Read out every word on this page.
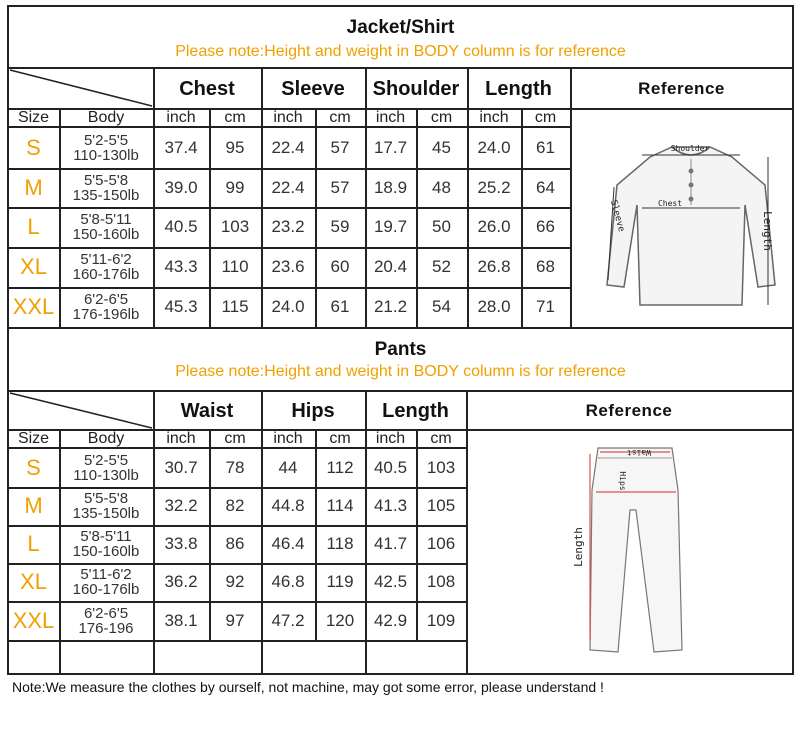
Jacket/Shirt
Please note:Height and weight in BODY column is for reference
Chest	Sleeve	Shoulder	Length	Reference
Size	Body	inch	cm	inch	cm	inch	cm	inch	cm
S	5'2-5'5
110-130lb	37.4	95	22.4	57	17.7	45	24.0	61
M	5'5-5'8
135-150lb	39.0	99	22.4	57	18.9	48	25.2	64
L	5'8-5'11
150-160lb	40.5	103	23.2	59	19.7	50	26.0	66
XL	5'11-6'2
160-176lb	43.3	110	23.6	60	20.4	52	26.8	68
XXL	6'2-6'5
176-196lb	45.3	115	24.0	61	21.2	54	28.0	71
Shoulder
Chest
Sleeve	Length
Pants
Please note:Height and weight in BODY column is for reference
Waist	Hips	Length	Reference
Size	Body	inch	cm	inch	cm	inch	cm
S	5'2-5'5
110-130lb	30.7	78	44	112	40.5	103
M	5'5-5'8
135-150lb	32.2	82	44.8	114	41.3	105
L	5'8-5'11
150-160lb	33.8	86	46.4	118	41.7	106
XL	5'11-6'2
160-176lb	36.2	92	46.8	119	42.5	108
XXL	6'2-6'5
176-196	38.1	97	47.2	120	42.9	109
Waist
Hips
Length
Note:We measure the clothes by ourself, not machine, may got some error, please understand !
